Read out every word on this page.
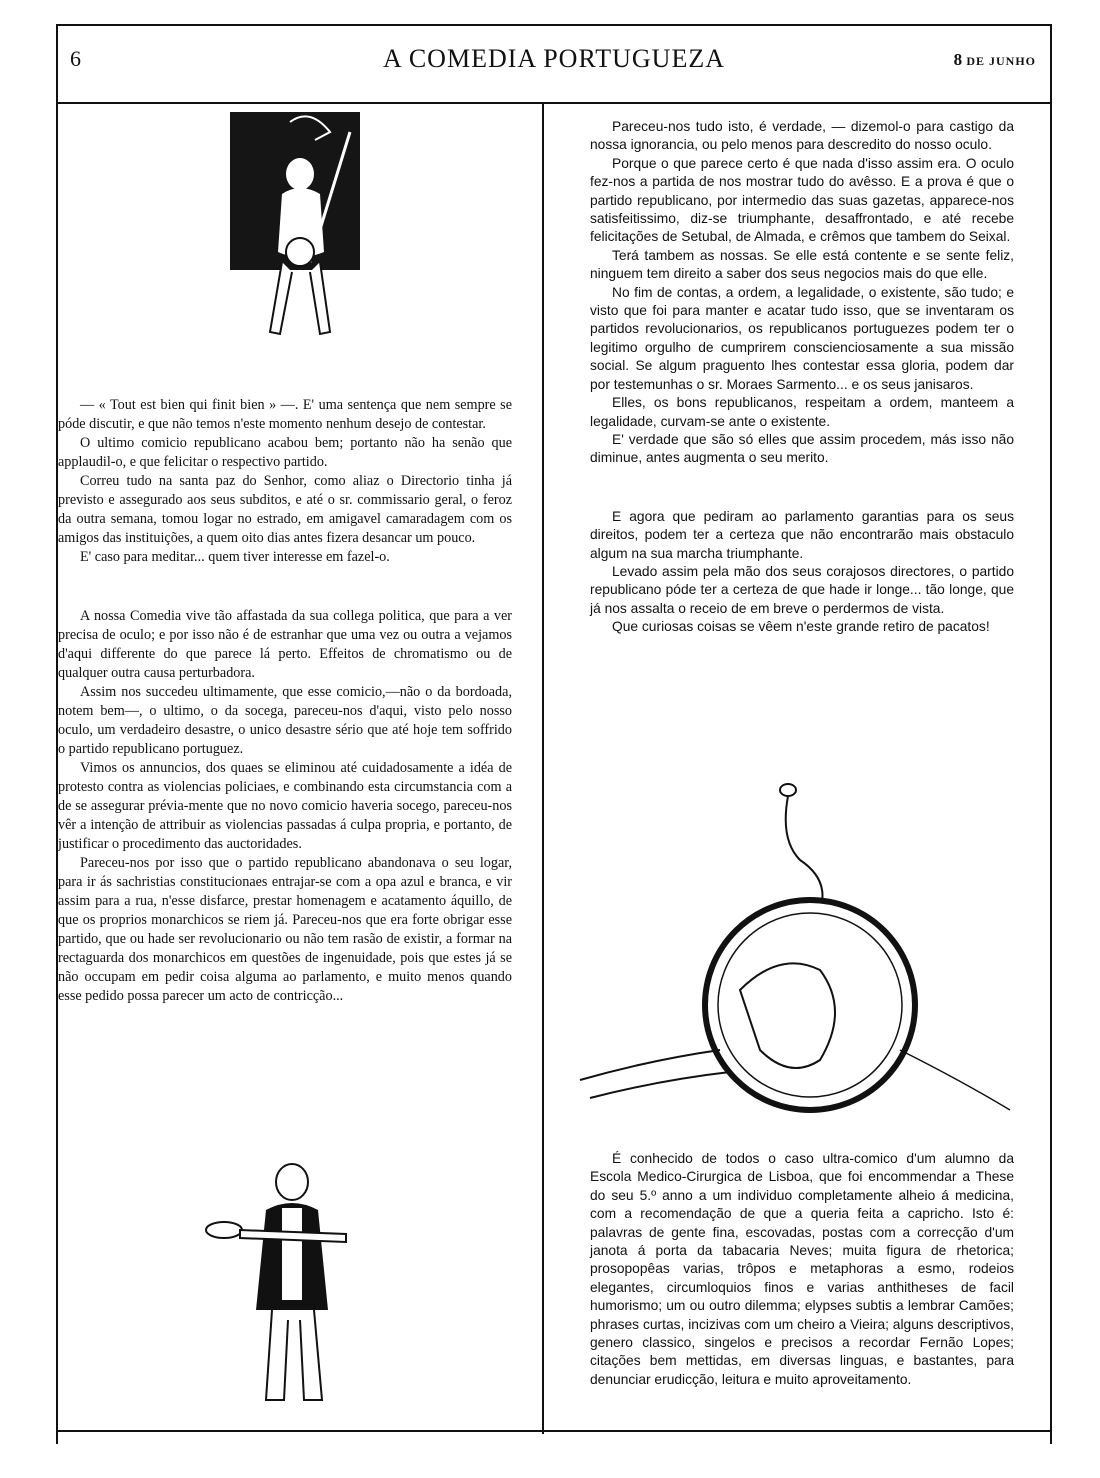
6	A COMEDIA PORTUGUEZA	8 DE JUNHO

— « Tout est bien qui finit bien » —. E' uma sentença que nem sempre se póde discutir, e que não temos n'este momento nenhum desejo de contestar.

O ultimo comicio republicano acabou bem; portanto não ha senão que applaudil-o, e que felicitar o respectivo partido.

Correu tudo na santa paz do Senhor, como aliaz o Directorio tinha já previsto e assegurado aos seus subditos, e até o sr. commissario geral, o feroz da outra semana, tomou logar no estrado, em amigavel camaradagem com os amigos das instituições, a quem oito dias antes fizera desancar um pouco.

E' caso para meditar... quem tiver interesse em fazel-o.

A nossa Comedia vive tão affastada da sua collega politica, que para a ver precisa de oculo; e por isso não é de estranhar que uma vez ou outra a vejamos d'aqui differente do que parece lá perto. Effeitos de chromatismo ou de qualquer outra causa perturbadora.

Assim nos succedeu ultimamente, que esse comicio,—não o da bordoada, notem bem—, o ultimo, o da socega, pareceu-nos d'aqui, visto pelo nosso oculo, um verdadeiro desastre, o unico desastre sério que até hoje tem soffrido o partido republicano portuguez.

Vimos os annuncios, dos quaes se eliminou até cuidadosamente a idéa de protesto contra as violencias policiaes, e combinando esta circumstancia com a de se assegurar prévia-mente que no novo comicio haveria socego, pareceu-nos vêr a intenção de attribuir as violencias passadas á culpa propria, e portanto, de justificar o procedimento das auctoridades.

Pareceu-nos por isso que o partido republicano abandonava o seu logar, para ir ás sachristias constitucionaes entrajar-se com a opa azul e branca, e vir assim para a rua, n'esse disfarce, prestar homenagem e acatamento áquillo, de que os proprios monarchicos se riem já. Pareceu-nos que era forte obrigar esse partido, que ou hade ser revolucionario ou não tem rasão de existir, a formar na rectaguarda dos monarchicos em questões de ingenuidade, pois que estes já se não occupam em pedir coisa alguma ao parlamento, e muito menos quando esse pedido possa parecer um acto de contricção...

Pareceu-nos tudo isto, é verdade, — dizemol-o para castigo da nossa ignorancia, ou pelo menos para descredito do nosso oculo.

Porque o que parece certo é que nada d'isso assim era. O oculo fez-nos a partida de nos mostrar tudo do avêsso. E a prova é que o partido republicano, por intermedio das suas gazetas, apparece-nos satisfeitissimo, diz-se triumphante, desaffrontado, e até recebe felicitações de Setubal, de Almada, e crêmos que tambem do Seixal.

Terá tambem as nossas. Se elle está contente e se sente feliz, ninguem tem direito a saber dos seus negocios mais do que elle.

No fim de contas, a ordem, a legalidade, o existente, são tudo; e visto que foi para manter e acatar tudo isso, que se inventaram os partidos revolucionarios, os republicanos portuguezes podem ter o legitimo orgulho de cumprirem conscienciosamente a sua missão social. Se algum praguento lhes contestar essa gloria, podem dar por testemunhas o sr. Moraes Sarmento... e os seus janisaros.

Elles, os bons republicanos, respeitam a ordem, manteem a legalidade, curvam-se ante o existente.

E' verdade que são só elles que assim procedem, más isso não diminue, antes augmenta o seu merito.

E agora que pediram ao parlamento garantias para os seus direitos, podem ter a certeza que não encontrarão mais obstaculo algum na sua marcha triumphante.

Levado assim pela mão dos seus corajosos directores, o partido republicano póde ter a certeza de que hade ir longe... tão longe, que já nos assalta o receio de em breve o perdermos de vista.

Que curiosas coisas se vêem n'este grande retiro de pacatos!

É conhecido de todos o caso ultra-comico d'um alumno da Escola Medico-Cirurgica de Lisboa, que foi encommendar a These do seu 5.º anno a um individuo completamente alheio á medicina, com a recomendação de que a queria feita a capricho. Isto é: palavras de gente fina, escovadas, postas com a correcção d'um janota á porta da tabacaria Neves; muita figura de rhetorica; prosopopêas varias, trôpos e metaphoras a esmo, rodeios elegantes, circumloquios finos e varias anthitheses de facil humorismo; um ou outro dilemma; elypses subtis a lembrar Camões; phrases curtas, incizivas com um cheiro a Vieira; alguns descriptivos, genero classico, singelos e precisos a recordar Fernão Lopes; citações bem mettidas, em diversas linguas, e bastantes, para denunciar erudicção, leitura e muito aproveitamento.
